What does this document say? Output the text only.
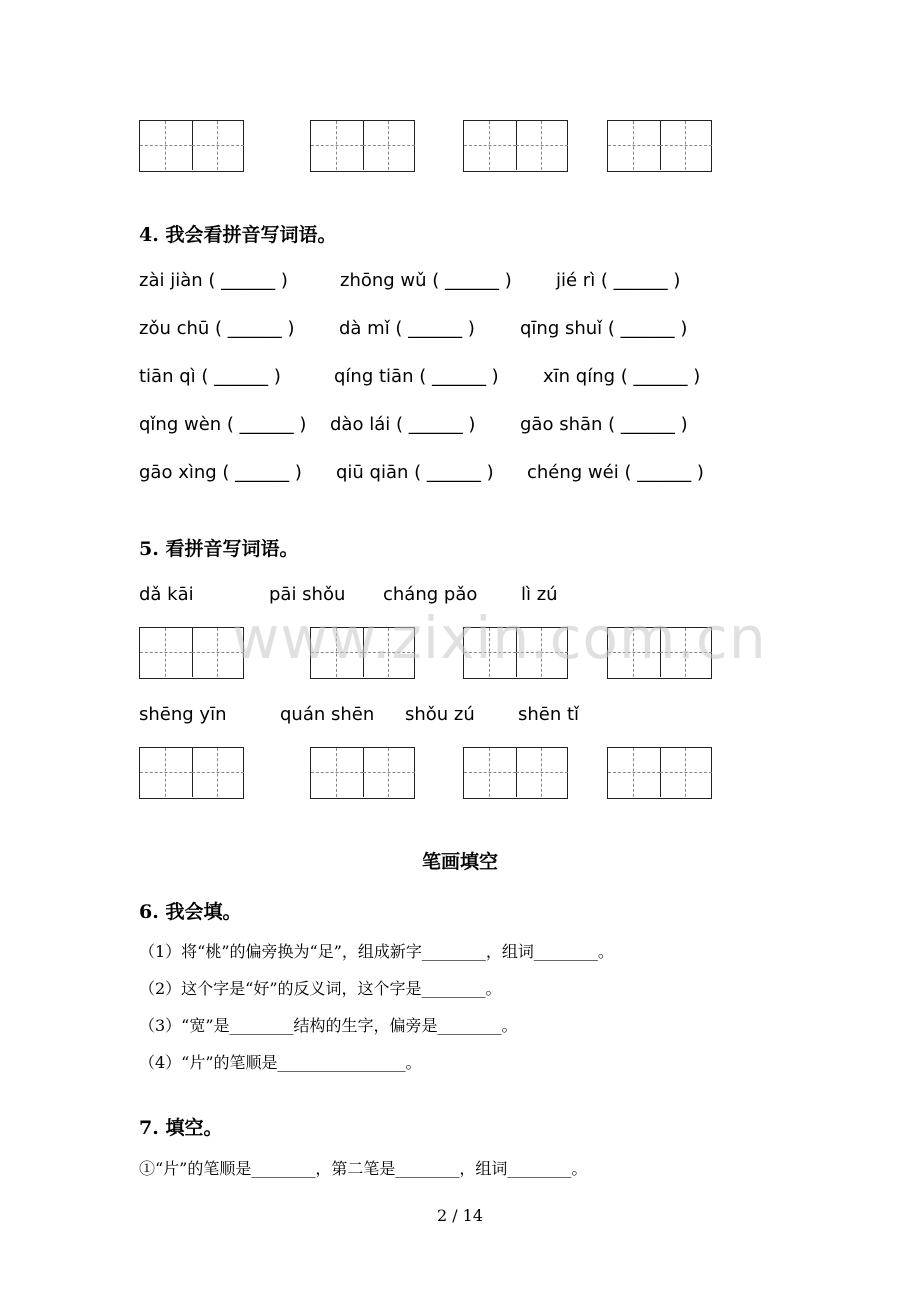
4. 我会看拼音写词语。
zài jiàn ( ______ )	zhōng wǔ ( ______ ) jié rì ( ______ )
zǒu chū ( ______ ) dà mǐ ( ______ )	qīng shuǐ ( ______ )
tiān qì ( ______ )	qíng tiān ( ______ ) xīn qíng ( ______ )
qǐng wèn ( ______ ) dào lái ( ______ ) gāo shān ( ______ )
gāo xìng ( ______ ) qiū qiān ( ______ ) chéng wéi ( ______ )
5. 看拼音写词语。
dǎ kāi	pāi shǒu cháng pǎo lì zú
www.zixin.com.cn
shēng yīn	quán shēn shǒu zú shēn tǐ
笔画填空
6. 我会填。
（1）将“桃”的偏旁换为“足”，组成新字________，组词________。
（2）这个字是“好”的反义词，这个字是________。
（3）“宽”是________结构的生字，偏旁是________。
（4）“片”的笔顺是________________。
7. 填空。
①“片”的笔顺是________，第二笔是________，组词________。
2 / 14
